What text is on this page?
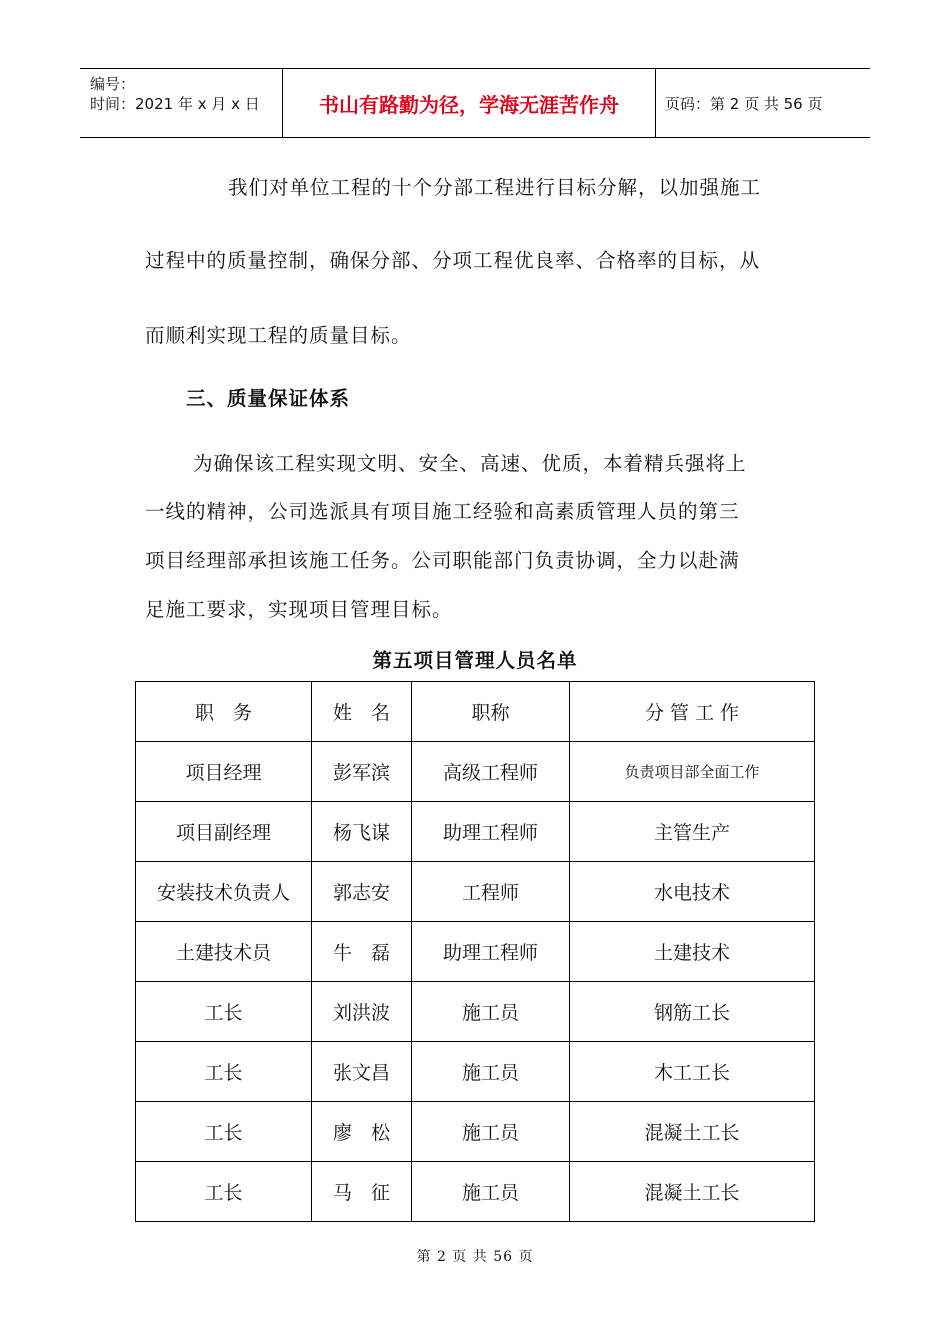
编号：
时间：2021 年 x 月 x 日	书山有路勤为径，学海无涯苦作舟	页码：第 2 页 共 56 页
我们对单位工程的十个分部工程进行目标分解，以加强施工
过程中的质量控制，确保分部、分项工程优良率、合格率的目标，从
而顺利实现工程的质量目标。
三、质量保证体系
为确保该工程实现文明、安全、高速、优质，本着精兵强将上
一线的精神，公司选派具有项目施工经验和高素质管理人员的第三
项目经理部承担该施工任务。公司职能部门负责协调，全力以赴满
足施工要求，实现项目管理目标。
第五项目管理人员名单
职　务	姓　名	职称	分 管 工 作
项目经理	彭军滨	高级工程师	负责项目部全面工作
项目副经理	杨飞谋	助理工程师	主管生产
安装技术负责人	郭志安	工程师	水电技术
土建技术员	牛　磊	助理工程师	土建技术
工长	刘洪波	施工员	钢筋工长
工长	张文昌	施工员	木工工长
工长	廖　松	施工员	混凝土工长
工长	马　征	施工员	混凝土工长
第 2 页 共 56 页
